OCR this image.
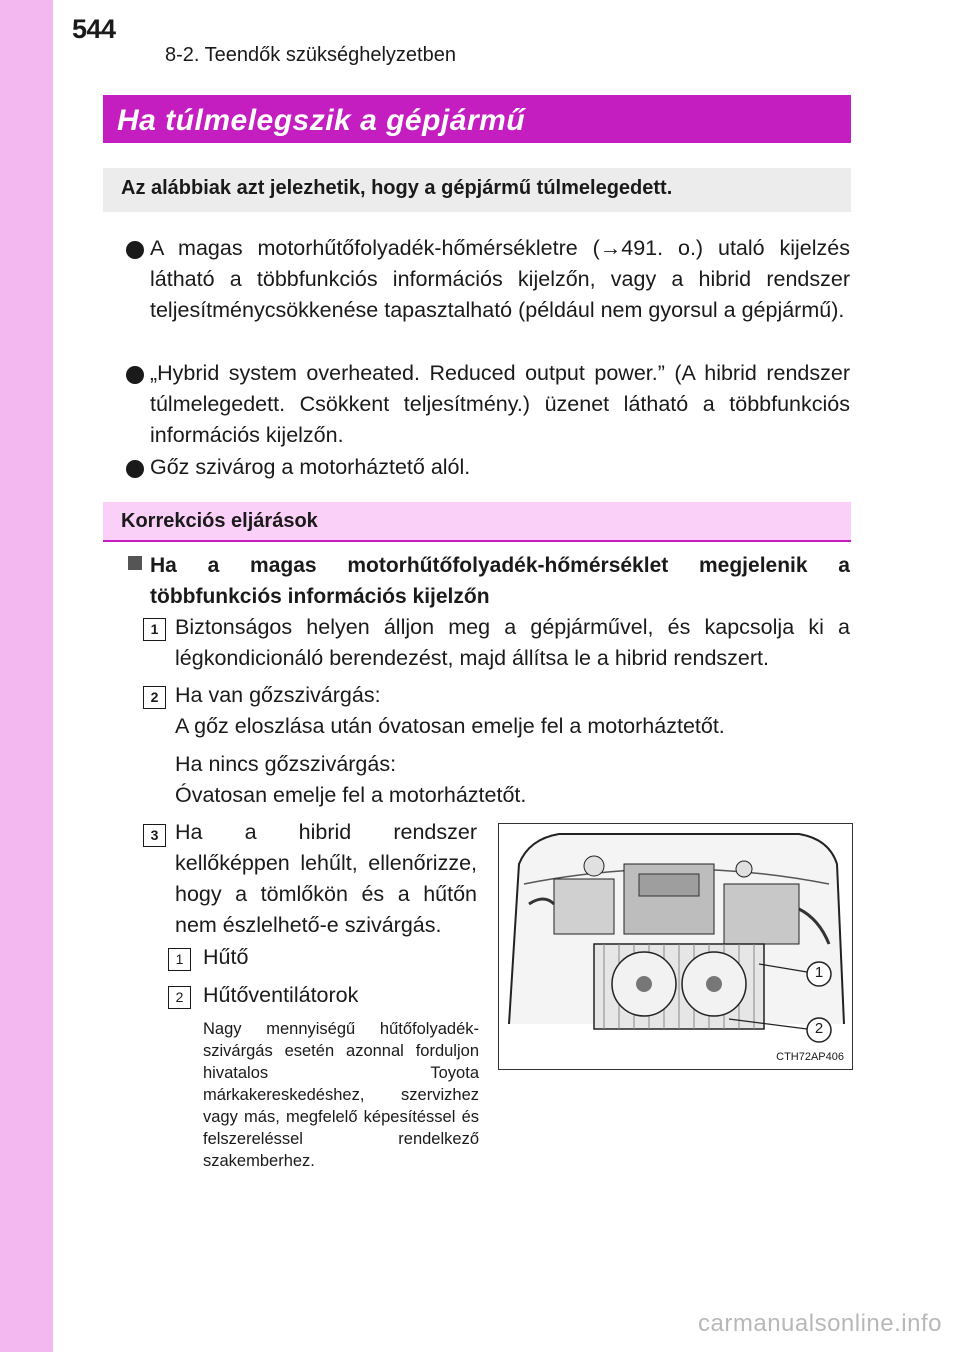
544
8-2. Teendők szükséghelyzetben
Ha túlmelegszik a gépjármű
Az alábbiak azt jelezhetik, hogy a gépjármű túlmelegedett.
A magas motorhűtőfolyadék-hőmérsékletre (→491. o.) utaló kijelzés látható a többfunkciós információs kijelzőn, vagy a hibrid rendszer teljesítménycsökkenése tapasztalható (például nem gyorsul a gépjármű).
„Hybrid system overheated. Reduced output power.” (A hibrid rendszer túlmelegedett. Csökkent teljesítmény.) üzenet látható a többfunkciós információs kijelzőn.
Gőz szivárog a motorháztető alól.
Korrekciós eljárások
Ha a magas motorhűtőfolyadék-hőmérséklet megjelenik a többfunkciós információs kijelzőn
1 Biztonságos helyen álljon meg a gépjárművel, és kapcsolja ki a légkondicionáló berendezést, majd állítsa le a hibrid rendszert.
2 Ha van gőzszivárgás:
A gőz eloszlása után óvatosan emelje fel a motorháztetőt.
Ha nincs gőzszivárgás:
Óvatosan emelje fel a motorháztetőt.
3 Ha a hibrid rendszer kellőképpen lehűlt, ellenőrizze, hogy a tömlőkön és a hűtőn nem észlelhető-e szivárgás.
1 Hűtő
2 Hűtőventilátorok
Nagy mennyiségű hűtőfolyadék-szivárgás esetén azonnal forduljon hivatalos Toyota márkakereskedéshez, szervizhez vagy más, megfelelő képesítéssel és felszereléssel rendelkező szakemberhez.
1
2
CTH72AP406
carmanualsonline.info
